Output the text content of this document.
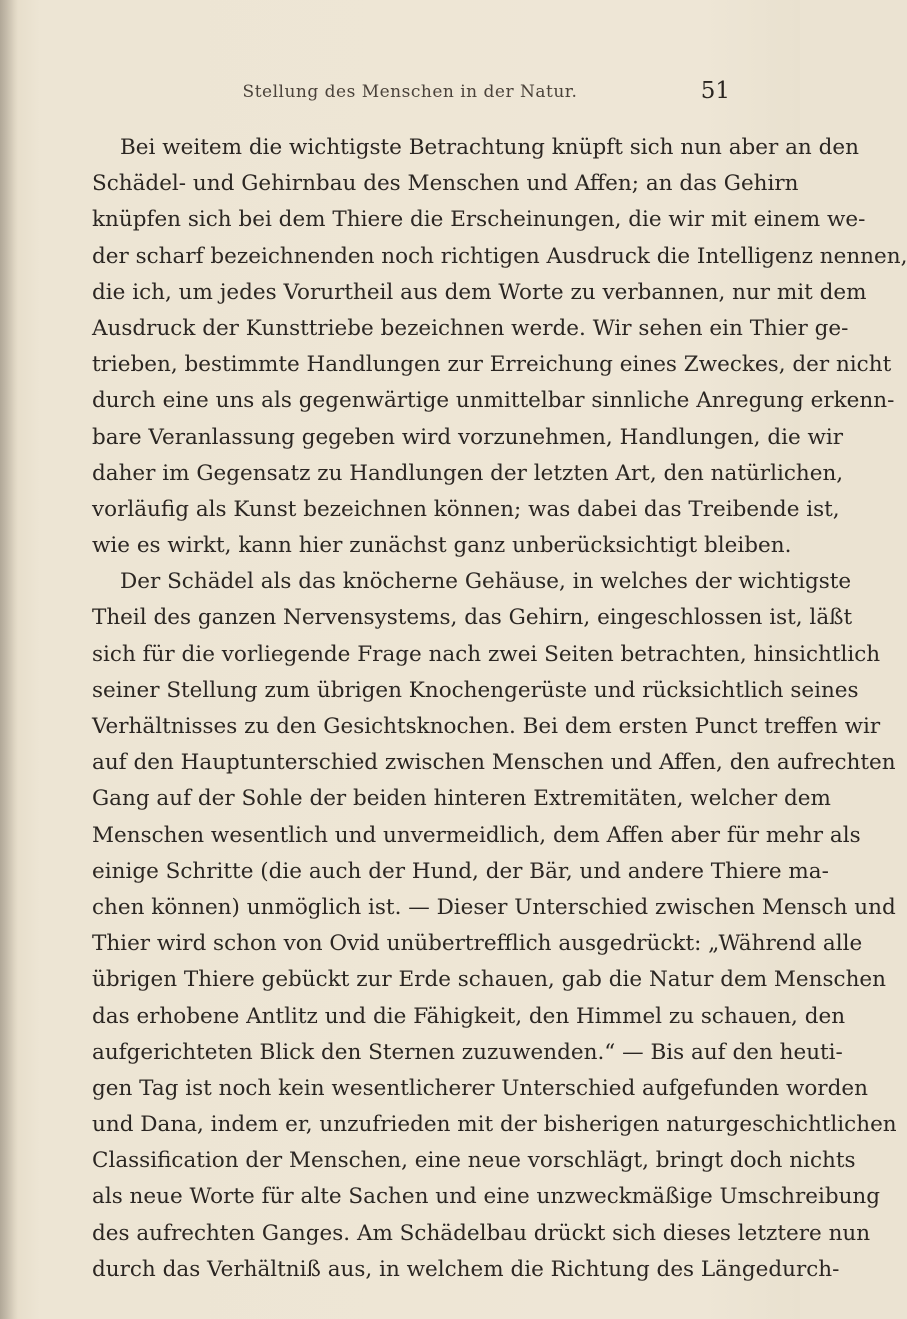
Stellung des Menschen in der Natur.	51
Bei weitem die wichtigste Betrachtung knüpft sich nun aber an den
Schädel- und Gehirnbau des Menschen und Affen; an das Gehirn
knüpfen sich bei dem Thiere die Erscheinungen, die wir mit einem we-
der scharf bezeichnenden noch richtigen Ausdruck die Intelligenz nennen,
die ich, um jedes Vorurtheil aus dem Worte zu verbannen, nur mit dem
Ausdruck der Kunsttriebe bezeichnen werde. Wir sehen ein Thier ge-
trieben, bestimmte Handlungen zur Erreichung eines Zweckes, der nicht
durch eine uns als gegenwärtige unmittelbar sinnliche Anregung erkenn-
bare Veranlassung gegeben wird vorzunehmen, Handlungen, die wir
daher im Gegensatz zu Handlungen der letzten Art, den natürlichen,
vorläufig als Kunst bezeichnen können; was dabei das Treibende ist,
wie es wirkt, kann hier zunächst ganz unberücksichtigt bleiben.
Der Schädel als das knöcherne Gehäuse, in welches der wichtigste
Theil des ganzen Nervensystems, das Gehirn, eingeschlossen ist, läßt
sich für die vorliegende Frage nach zwei Seiten betrachten, hinsichtlich
seiner Stellung zum übrigen Knochengerüste und rücksichtlich seines
Verhältnisses zu den Gesichtsknochen. Bei dem ersten Punct treffen wir
auf den Hauptunterschied zwischen Menschen und Affen, den aufrechten
Gang auf der Sohle der beiden hinteren Extremitäten, welcher dem
Menschen wesentlich und unvermeidlich, dem Affen aber für mehr als
einige Schritte (die auch der Hund, der Bär, und andere Thiere ma-
chen können) unmöglich ist. — Dieser Unterschied zwischen Mensch und
Thier wird schon von Ovid unübertrefflich ausgedrückt: „Während alle
übrigen Thiere gebückt zur Erde schauen, gab die Natur dem Menschen
das erhobene Antlitz und die Fähigkeit, den Himmel zu schauen, den
aufgerichteten Blick den Sternen zuzuwenden.“ — Bis auf den heuti-
gen Tag ist noch kein wesentlicherer Unterschied aufgefunden worden
und Dana, indem er, unzufrieden mit der bisherigen naturgeschichtlichen
Classification der Menschen, eine neue vorschlägt, bringt doch nichts
als neue Worte für alte Sachen und eine unzweckmäßige Umschreibung
des aufrechten Ganges. Am Schädelbau drückt sich dieses letztere nun
durch das Verhältniß aus, in welchem die Richtung des Längedurch-
